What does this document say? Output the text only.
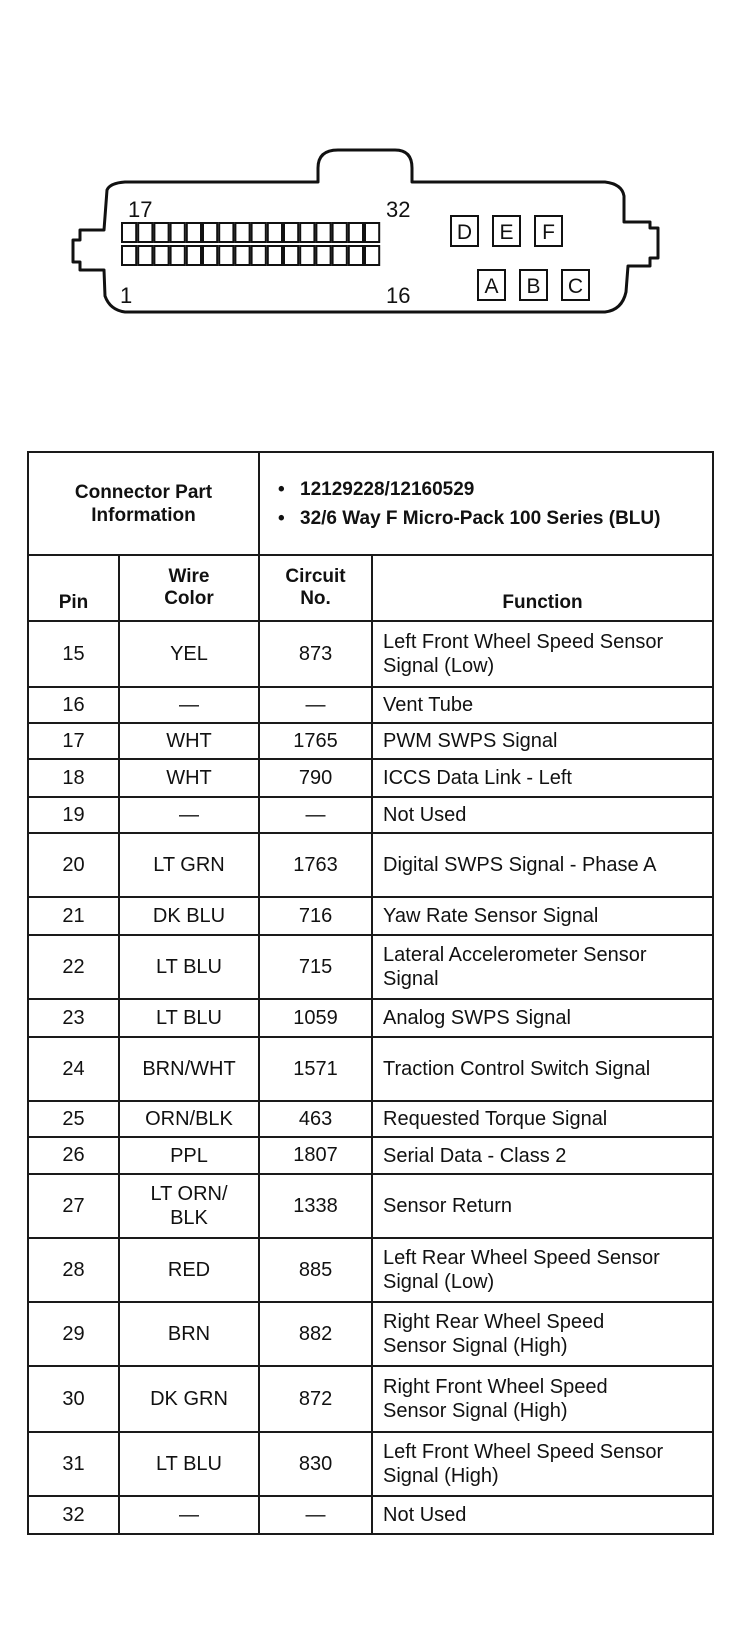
17	32
1	16
D E F
A B C
Connector Part Information		• 12129228/12160529
• 32/6 Way F Micro-Pack 100 Series (BLU)	

Pin	Wire Color	Circuit No.	Function
15	YEL	873	Left Front Wheel Speed Sensor Signal (Low)
16	—	—	Vent Tube
17	WHT	1765	PWM SWPS Signal
18	WHT	790	ICCS Data Link - Left
19	—	—	Not Used
20	LT GRN	1763	Digital SWPS Signal - Phase A
21	DK BLU	716	Yaw Rate Sensor Signal
22	LT BLU	715	Lateral Accelerometer Sensor Signal
23	LT BLU	1059	Analog SWPS Signal
24	BRN/WHT	1571	Traction Control Switch Signal
25	ORN/BLK	463	Requested Torque Signal
26	PPL	1807	Serial Data - Class 2
27	LT ORN/ BLK	1338	Sensor Return
28	RED	885	Left Rear Wheel Speed Sensor Signal (Low)
29	BRN	882	Right Rear Wheel Speed Sensor Signal (High)
30	DK GRN	872	Right Front Wheel Speed Sensor Signal (High)
31	LT BLU	830	Left Front Wheel Speed Sensor Signal (High)
32	—	—	Not Used
